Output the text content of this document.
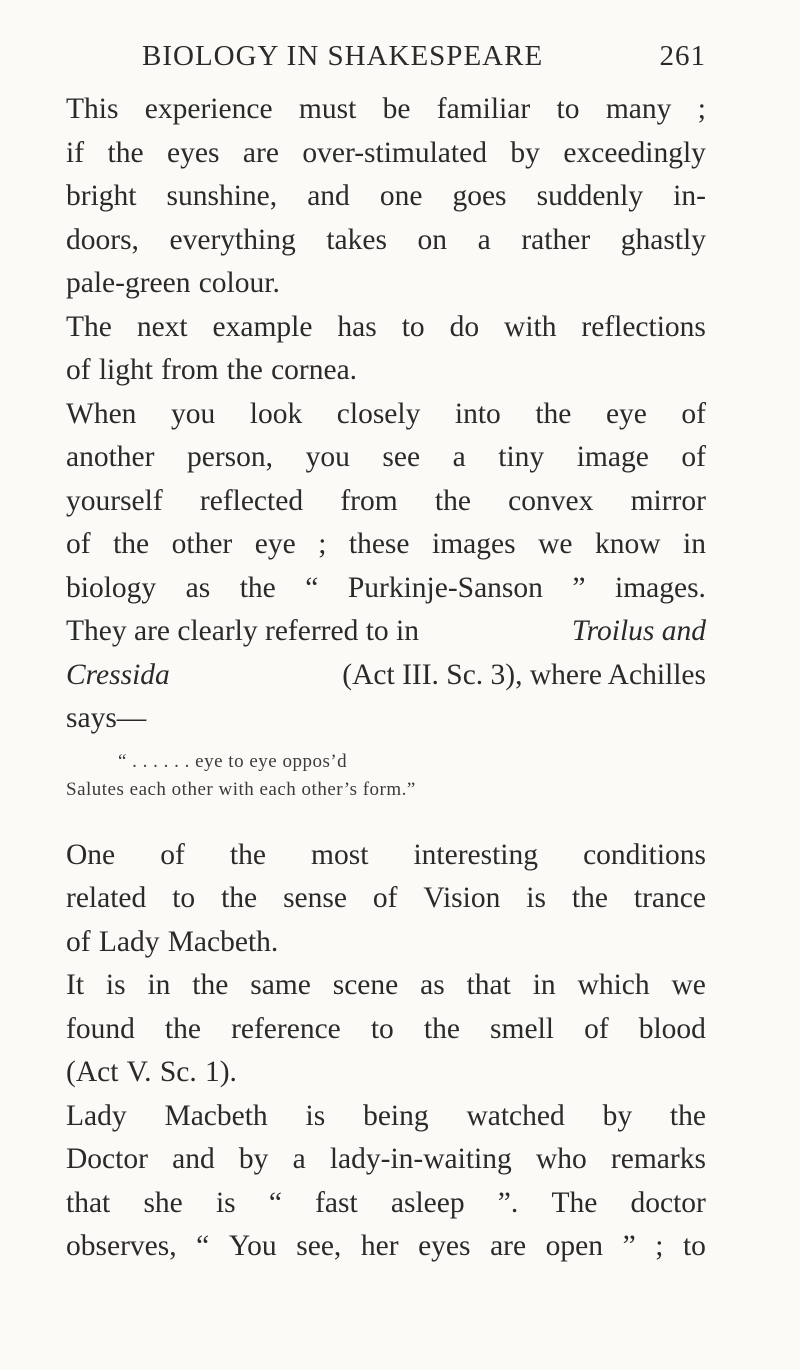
BIOLOGY IN SHAKESPEARE	261
This experience must be familiar to many ;
if the eyes are over-stimulated by exceedingly
bright sunshine, and one goes suddenly in-
doors, everything takes on a rather ghastly
pale-green colour.
The next example has to do with reflections
of light from the cornea.
When you look closely into the eye of
another person, you see a tiny image of
yourself reflected from the convex mirror
of the other eye ; these images we know in
biology as the “ Purkinje-Sanson ” images.
They are clearly referred to in	Troilus and
Cressida	(Act III. Sc. 3), where Achilles
says—
“ . . . . . . eye to eye oppos’d
Salutes each other with each other’s form.”
One of the most interesting conditions
related to the sense of Vision is the trance
of Lady Macbeth.
It is in the same scene as that in which we
found the reference to the smell of blood
(Act V. Sc. 1).
Lady Macbeth is being watched by the
Doctor and by a lady-in-waiting who remarks
that she is “ fast asleep ”. The doctor
observes, “ You see, her eyes are open ” ; to
